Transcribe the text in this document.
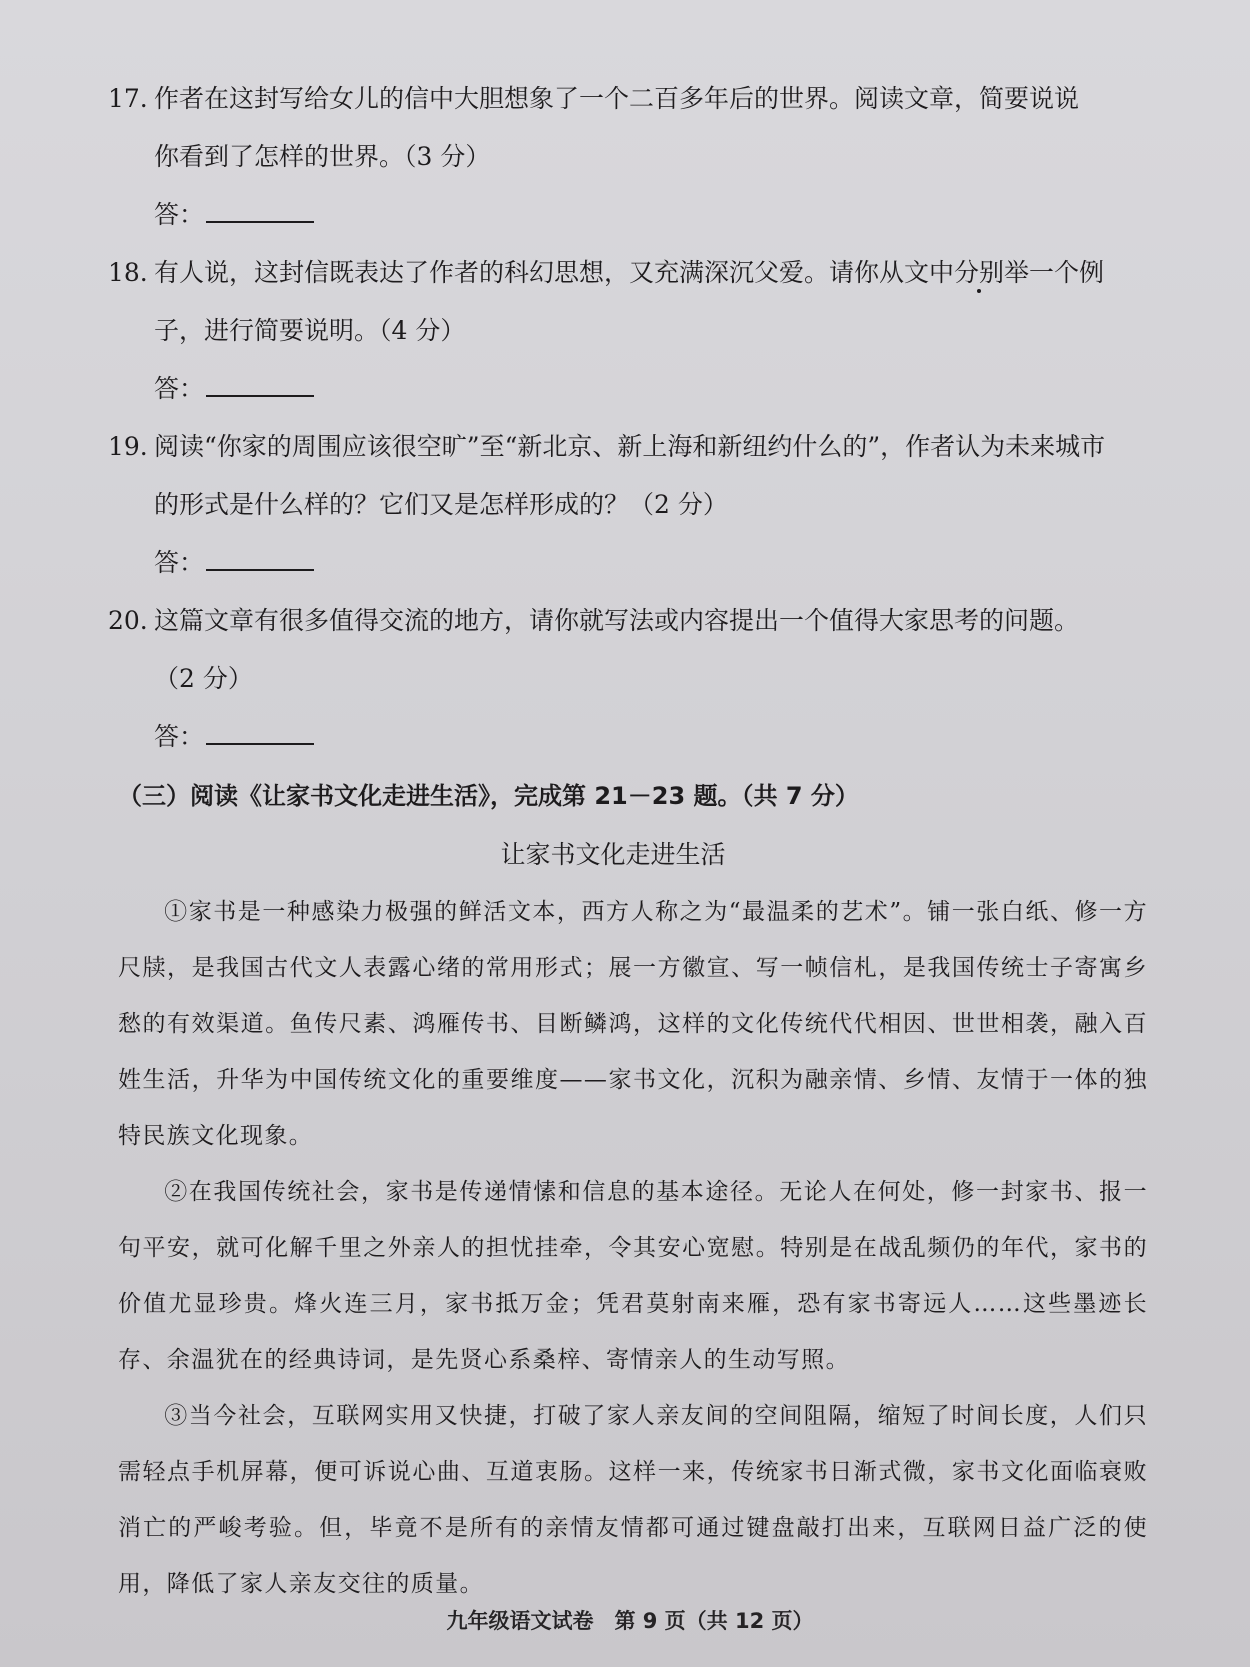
17. 作者在这封写给女儿的信中大胆想象了一个二百多年后的世界。阅读文章，简要说说
你看到了怎样的世界。（3 分）
答：
18. 有人说，这封信既表达了作者的科幻思想，又充满深沉父爱。请你从文中分别举一个例
子，进行简要说明。（4 分）
答：
19. 阅读“你家的周围应该很空旷”至“新北京、新上海和新纽约什么的”，作者认为未来城市
的形式是什么样的？它们又是怎样形成的？（2 分）
答：
20. 这篇文章有很多值得交流的地方，请你就写法或内容提出一个值得大家思考的问题。
（2 分）
答：
（三）阅读《让家书文化走进生活》，完成第 21－23 题。（共 7 分）
让家书文化走进生活
①家书是一种感染力极强的鲜活文本，西方人称之为“最温柔的艺术”。铺一张白纸、修一方尺牍，是我国古代文人表露心绪的常用形式；展一方徽宣、写一帧信札，是我国传统士子寄寓乡愁的有效渠道。鱼传尺素、鸿雁传书、目断鳞鸿，这样的文化传统代代相因、世世相袭，融入百姓生活，升华为中国传统文化的重要维度——家书文化，沉积为融亲情、乡情、友情于一体的独特民族文化现象。
②在我国传统社会，家书是传递情愫和信息的基本途径。无论人在何处，修一封家书、报一句平安，就可化解千里之外亲人的担忧挂牵，令其安心宽慰。特别是在战乱频仍的年代，家书的价值尤显珍贵。烽火连三月，家书抵万金；凭君莫射南来雁，恐有家书寄远人……这些墨迹长存、余温犹在的经典诗词，是先贤心系桑梓、寄情亲人的生动写照。
③当今社会，互联网实用又快捷，打破了家人亲友间的空间阻隔，缩短了时间长度，人们只需轻点手机屏幕，便可诉说心曲、互道衷肠。这样一来，传统家书日渐式微，家书文化面临衰败消亡的严峻考验。但，毕竟不是所有的亲情友情都可通过键盘敲打出来，互联网日益广泛的使用，降低了家人亲友交往的质量。
九年级语文试卷　第 9 页（共 12 页）
